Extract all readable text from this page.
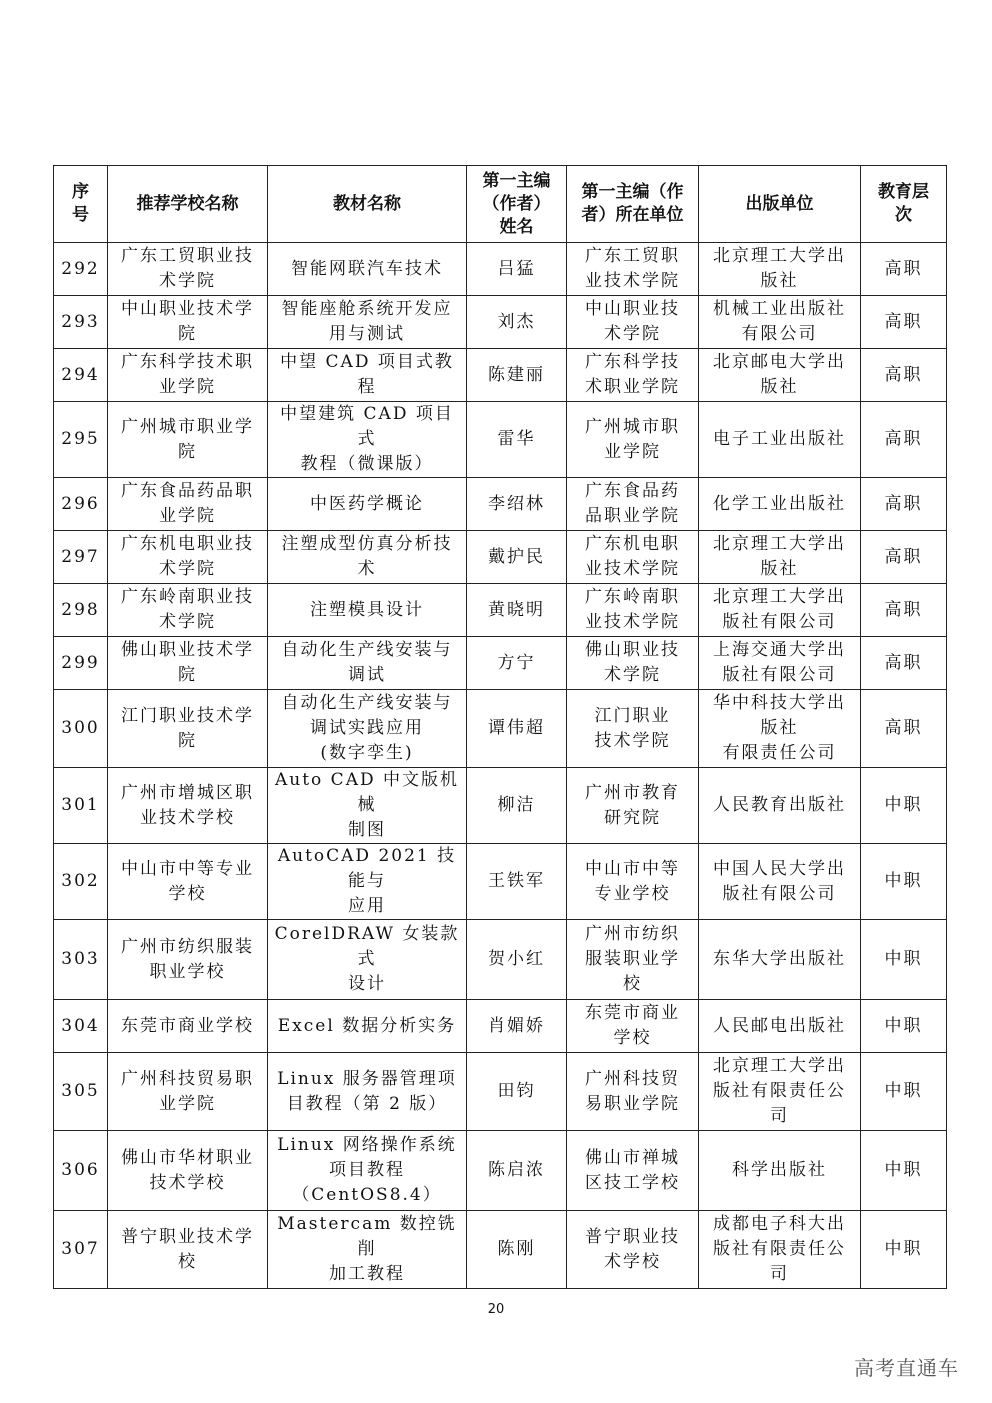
序
号	推荐学校名称	教材名称	第一主编
（作者）
姓名	第一主编（作
者）所在单位	出版单位	教育层
次
292	广东工贸职业技
术学院	智能网联汽车技术	吕猛	广东工贸职
业技术学院	北京理工大学出
版社	高职
293	中山职业技术学
院	智能座舱系统开发应
用与测试	刘杰	中山职业技
术学院	机械工业出版社
有限公司	高职
294	广东科学技术职
业学院	中望 CAD 项目式教程	陈建丽	广东科学技
术职业学院	北京邮电大学出
版社	高职
295	广州城市职业学
院	中望建筑 CAD 项目式
教程（微课版）	雷华	广州城市职
业学院	电子工业出版社	高职
296	广东食品药品职
业学院	中医药学概论	李绍林	广东食品药
品职业学院	化学工业出版社	高职
297	广东机电职业技
术学院	注塑成型仿真分析技
术	戴护民	广东机电职
业技术学院	北京理工大学出
版社	高职
298	广东岭南职业技
术学院	注塑模具设计	黄晓明	广东岭南职
业技术学院	北京理工大学出
版社有限公司	高职
299	佛山职业技术学
院	自动化生产线安装与
调试	方宁	佛山职业技
术学院	上海交通大学出
版社有限公司	高职
300	江门职业技术学
院	自动化生产线安装与
调试实践应用
(数字孪生)	谭伟超	江门职业
技术学院	华中科技大学出
版社
有限责任公司	高职
301	广州市增城区职
业技术学校	Auto CAD 中文版机械
制图	柳洁	广州市教育
研究院	人民教育出版社	中职
302	中山市中等专业
学校	AutoCAD 2021 技能与
应用	王铁军	中山市中等
专业学校	中国人民大学出
版社有限公司	中职
303	广州市纺织服装
职业学校	CorelDRAW 女装款式
设计	贺小红	广州市纺织
服装职业学
校	东华大学出版社	中职
304	东莞市商业学校	Excel 数据分析实务	肖媚娇	东莞市商业
学校	人民邮电出版社	中职
305	广州科技贸易职
业学院	Linux 服务器管理项
目教程（第 2 版）	田钧	广州科技贸
易职业学院	北京理工大学出
版社有限责任公
司	中职
306	佛山市华材职业
技术学校	Linux 网络操作系统
项目教程
（CentOS8.4）	陈启浓	佛山市禅城
区技工学校	科学出版社	中职
307	普宁职业技术学
校	Mastercam 数控铣削
加工教程	陈刚	普宁职业技
术学校	成都电子科大出
版社有限责任公
司	中职
20
高考直通车
